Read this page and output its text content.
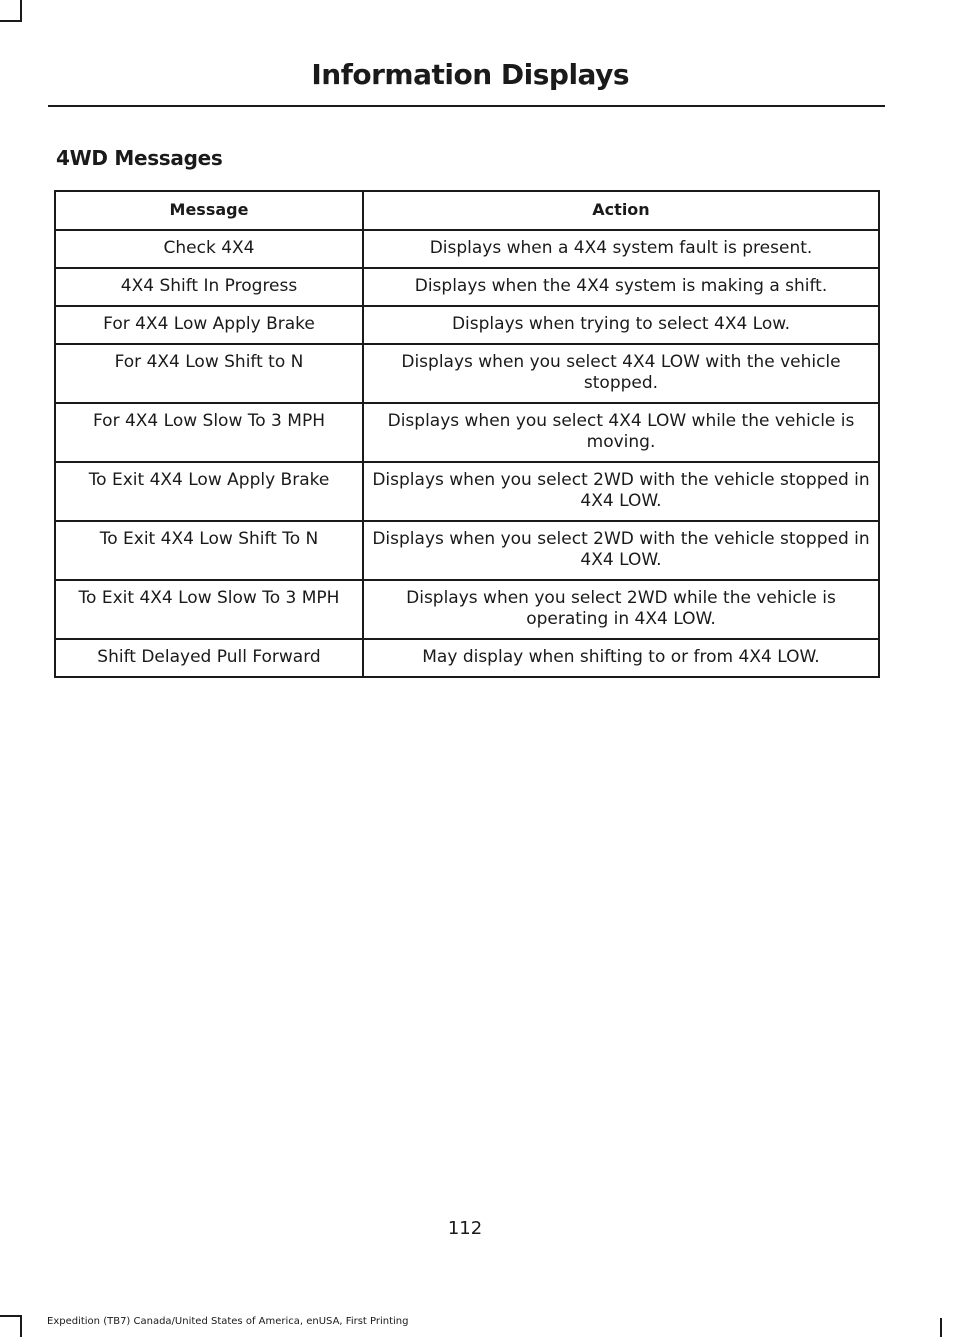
Information Displays
4WD Messages
Message	Action
Check 4X4	Displays when a 4X4 system fault is present.
4X4 Shift In Progress	Displays when the 4X4 system is making a shift.
For 4X4 Low Apply Brake	Displays when trying to select 4X4 Low.
For 4X4 Low Shift to N	Displays when you select 4X4 LOW with the vehicle stopped.
For 4X4 Low Slow To 3 MPH	Displays when you select 4X4 LOW while the vehicle is moving.
To Exit 4X4 Low Apply Brake	Displays when you select 2WD with the vehicle stopped in 4X4 LOW.
To Exit 4X4 Low Shift To N	Displays when you select 2WD with the vehicle stopped in 4X4 LOW.
To Exit 4X4 Low Slow To 3 MPH	Displays when you select 2WD while the vehicle is operating in 4X4 LOW.
Shift Delayed Pull Forward	May display when shifting to or from 4X4 LOW.
112
Expedition (TB7) Canada/United States of America, enUSA, First Printing
